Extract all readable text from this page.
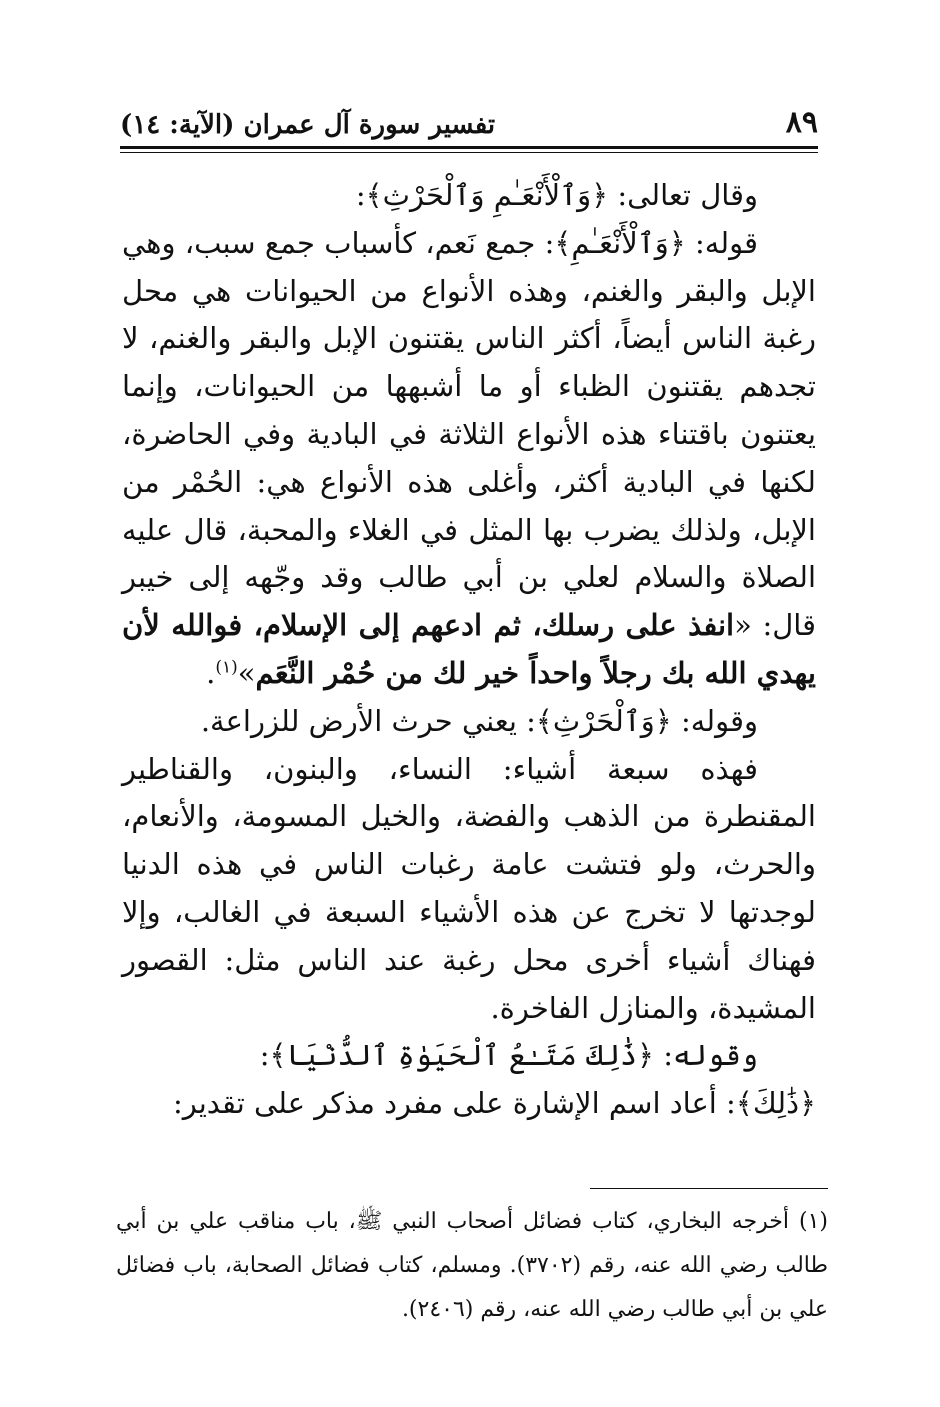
تفسير سورة آل عمران (الآية: ١٤)	٨٩

وقال تعالى: ﴿وَٱلْأَنْعَـٰمِ وَٱلْحَرْثِ﴾:

قوله: ﴿وَٱلْأَنْعَـٰمِ﴾: جمع نَعم، كأسباب جمع سبب، وهي الإبل والبقر والغنم، وهذه الأنواع من الحيوانات هي محل رغبة الناس أيضاً، أكثر الناس يقتنون الإبل والبقر والغنم، لا تجدهم يقتنون الظباء أو ما أشبهها من الحيوانات، وإنما يعتنون باقتناء هذه الأنواع الثلاثة في البادية وفي الحاضرة، لكنها في البادية أكثر، وأغلى هذه الأنواع هي: الحُمْر من الإبل، ولذلك يضرب بها المثل في الغلاء والمحبة، قال عليه الصلاة والسلام لعلي بن أبي طالب وقد وجّهه إلى خيبر قال: «انفذ على رسلك، ثم ادعهم إلى الإسلام، فوالله لأن يهدي الله بك رجلاً واحداً خير لك من حُمْر النَّعَم»$^{(١)}$.

وقوله: ﴿وَٱلْحَرْثِ﴾: يعني حرث الأرض للزراعة.

فهذه سبعة أشياء: النساء، والبنون، والقناطير المقنطرة من الذهب والفضة، والخيل المسومة، والأنعام، والحرث، ولو فتشت عامة رغبات الناس في هذه الدنيا لوجدتها لا تخرج عن هذه الأشياء السبعة في الغالب، وإلا فهناك أشياء أخرى محل رغبة عند الناس مثل: القصور المشيدة، والمنازل الفاخرة.

وقوله: ﴿ذَٰلِكَ مَتَـٰعُ ٱلْحَيَوٰةِ ٱلدُّنْيَا﴾:

﴿ذَٰلِكَ﴾: أعاد اسم الإشارة على مفرد مذكر على تقدير:

(١)أخرجه البخاري، كتاب فضائل أصحاب النبي ﷺ، باب مناقب علي بن أبي طالب رضي الله عنه، رقم (٣٧٠٢). ومسلم، كتاب فضائل الصحابة، باب فضائل علي بن أبي طالب رضي الله عنه، رقم (٢٤٠٦).
